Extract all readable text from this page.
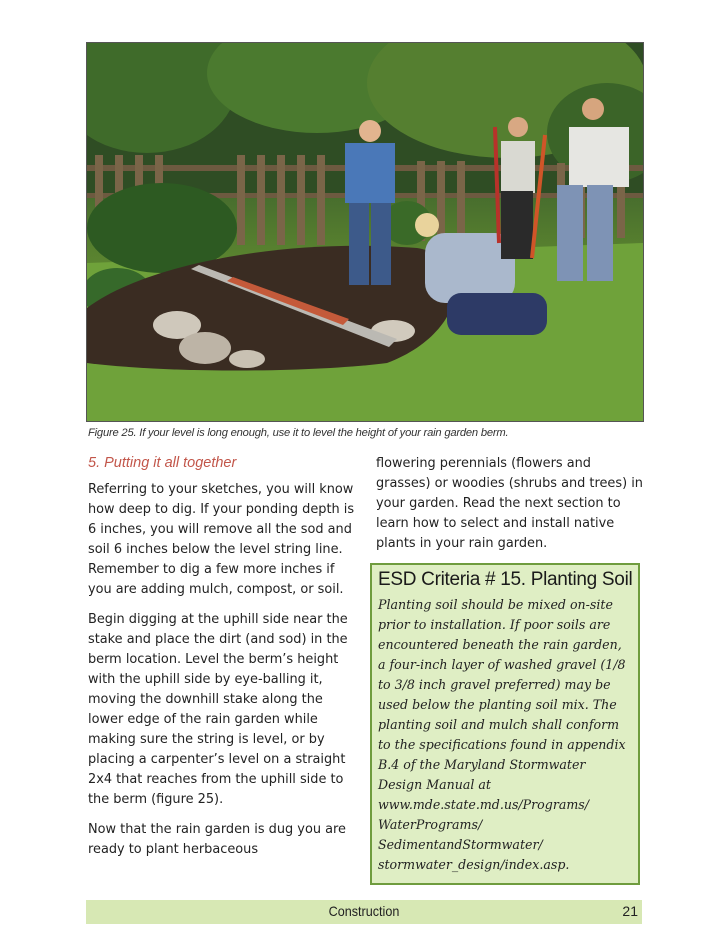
Figure 25. If your level is long enough, use it to level the height of your rain garden berm.
5. Putting it all together

Referring to your sketches, you will know how deep to dig. If your ponding depth is 6 inches, you will remove all the sod and soil 6 inches below the level string line. Remember to dig a few more inches if you are adding mulch, compost, or soil.

Begin digging at the uphill side near the stake and place the dirt (and sod) in the berm location. Level the berm’s height with the uphill side by eye-balling it, moving the downhill stake along the lower edge of the rain garden while making sure the string is level, or by placing a carpenter’s level on a straight 2x4 that reaches from the uphill side to the berm (figure 25).

Now that the rain garden is dug you are ready to plant herbaceous

flowering perennials (flowers and grasses) or woodies (shrubs and trees) in your garden. Read the next section to learn how to select and install native plants in your rain garden.

ESD Criteria # 15. Planting Soil

Planting soil should be mixed on-site
prior to installation. If poor soils are
encountered beneath the rain garden,
a four-inch layer of washed gravel (1/8
to 3/8 inch gravel preferred) may be
used below the planting soil mix. The
planting soil and mulch shall conform
to the specifications found in appendix
B.4 of the Maryland Stormwater
Design Manual at
www.mde.state.md.us/Programs/
WaterPrograms/
SedimentandStormwater/
stormwater_design/index.asp.
Construction	21
